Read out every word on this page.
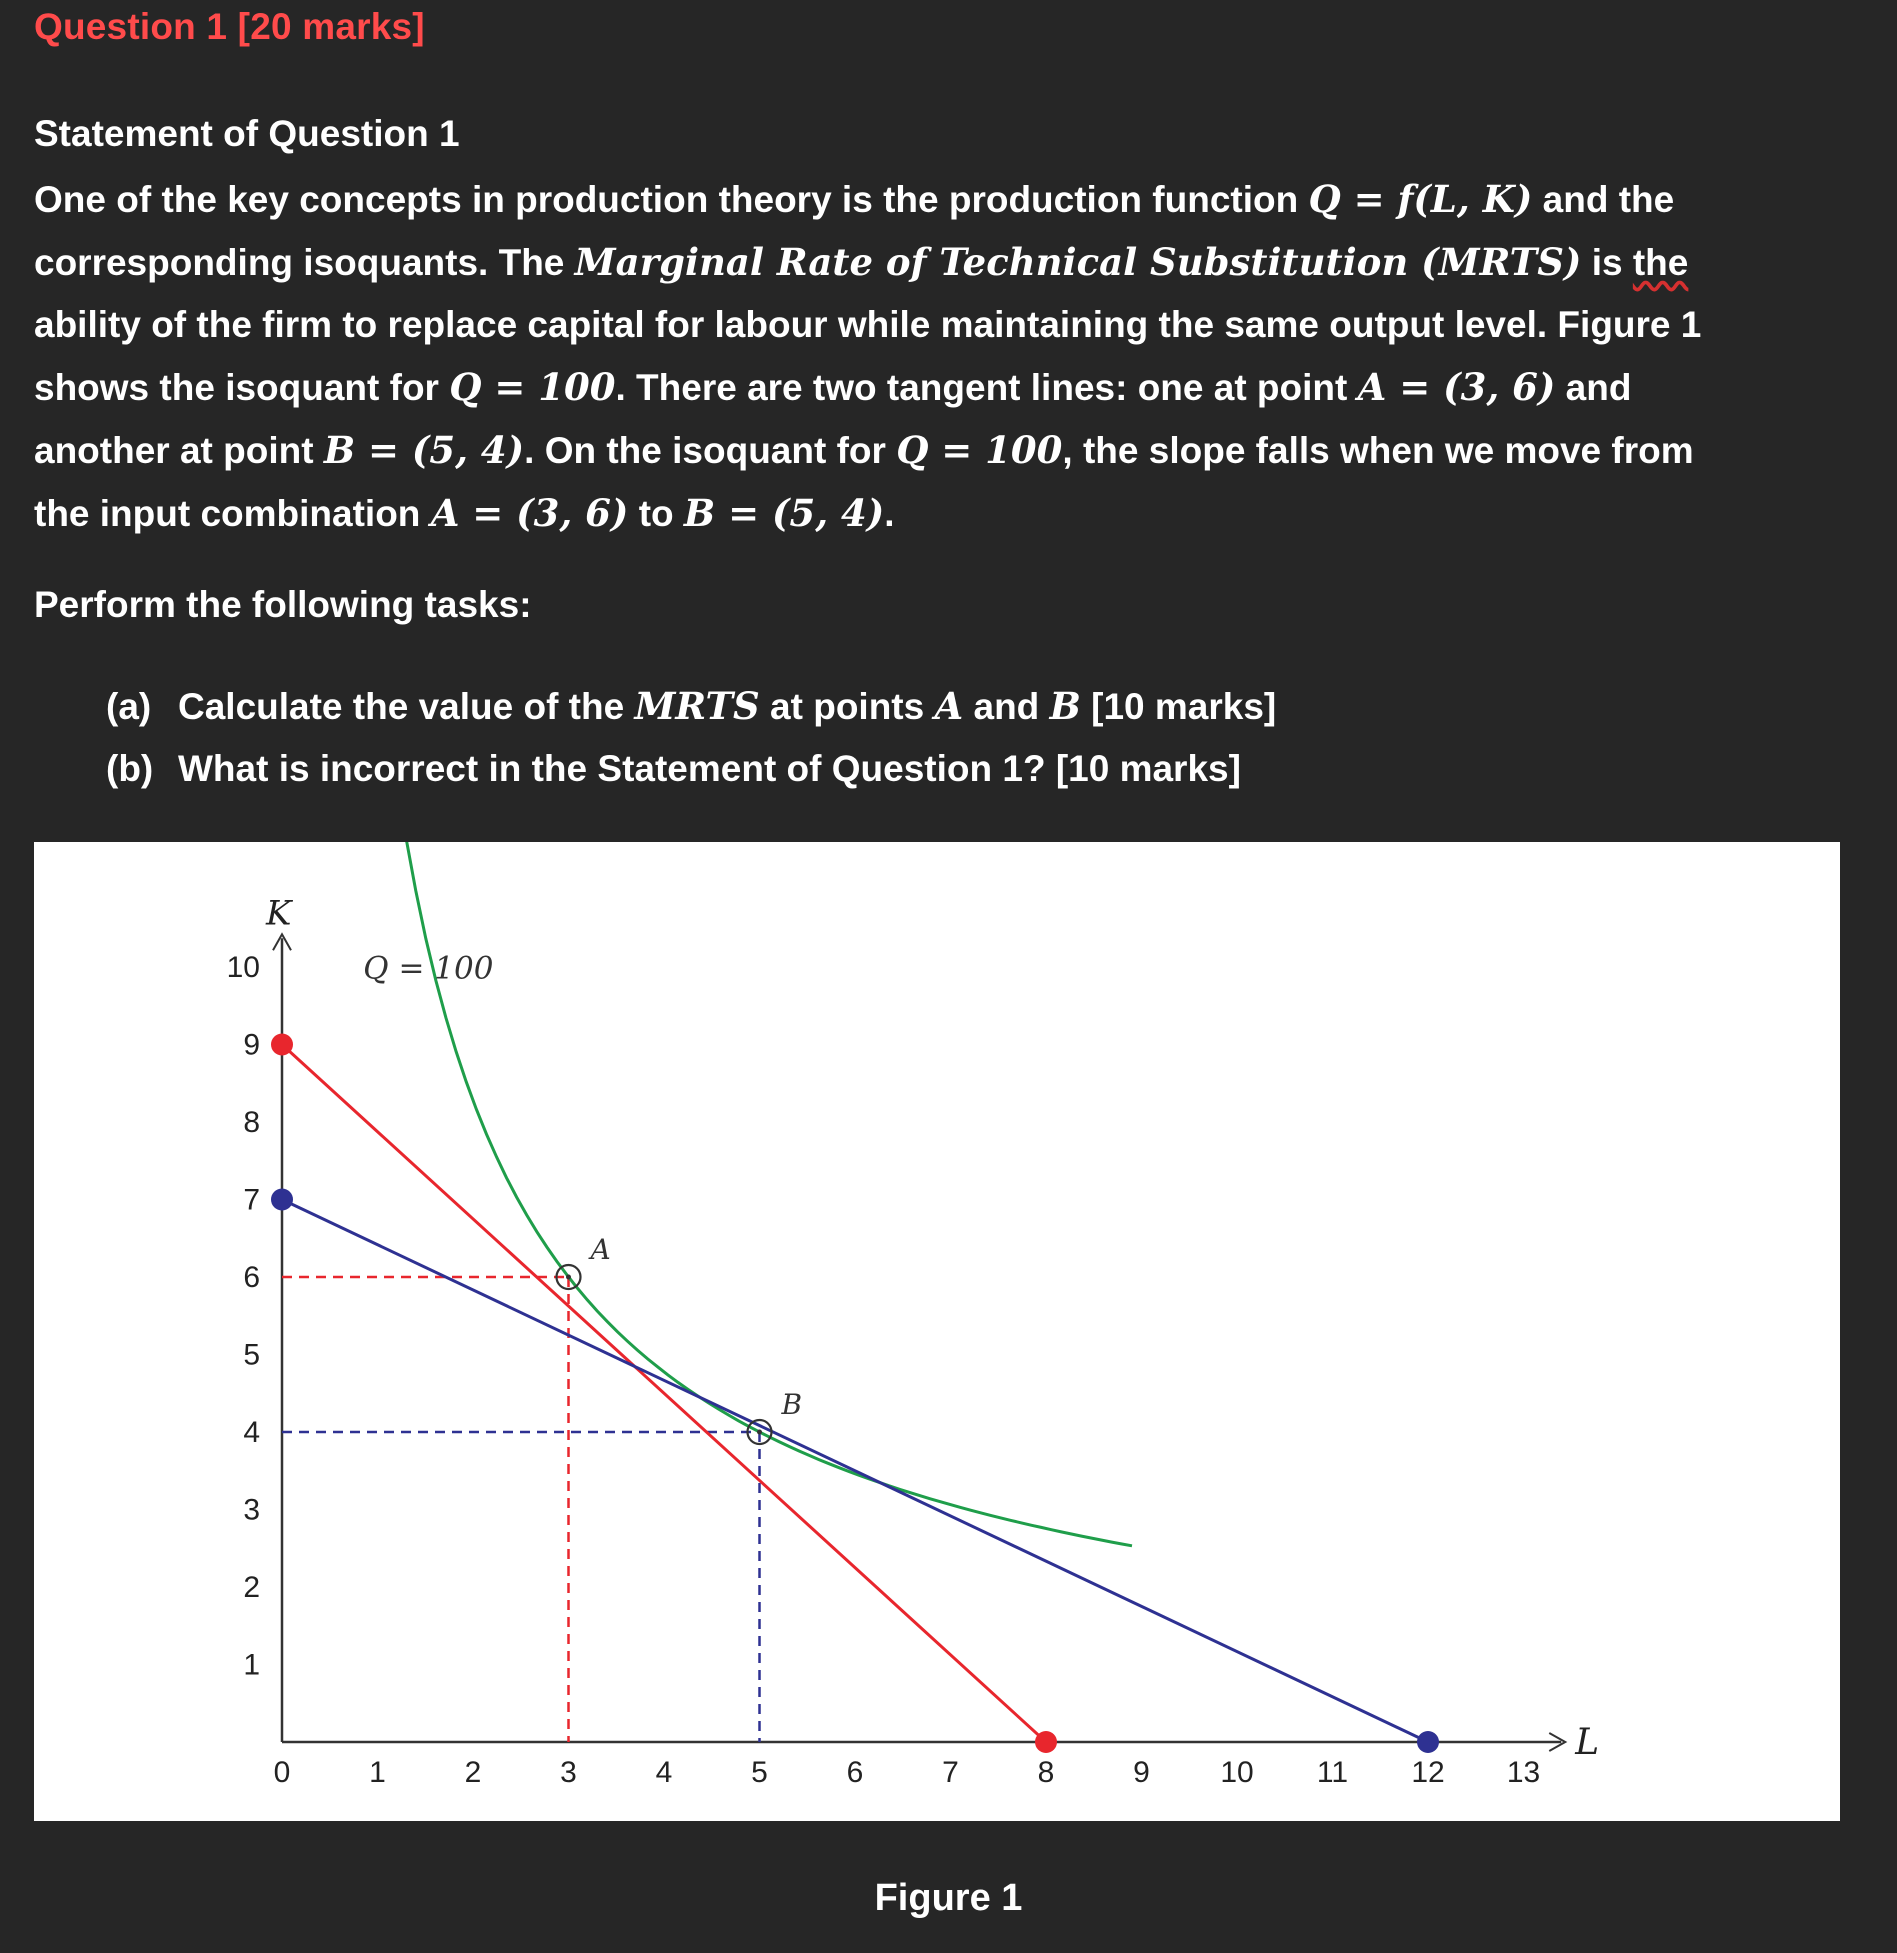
Question 1 [20 marks]
Statement of Question 1
One of the key concepts in production theory is the production function Q = f(L, K) and the
corresponding isoquants. The Marginal Rate of Technical Substitution (MRTS) is the
ability of the firm to replace capital for labour while maintaining the same output level. Figure 1
shows the isoquant for Q = 100. There are two tangent lines: one at point A = (3, 6) and
another at point B = (5, 4). On the isoquant for Q = 100, the slope falls when we move from
the input combination A = (3, 6) to B = (5, 4).
Perform the following tasks:
(a) Calculate the value of the MRTS at points A and B [10 marks]
(b) What is incorrect in the Statement of Question 1? [10 marks]
L
K
0	1	2	3	4	5	6	7	8	9 10 11 12 13
1
2
3
4
5
6
7
8
9
10	Q = 100
A
B
Figure 1
